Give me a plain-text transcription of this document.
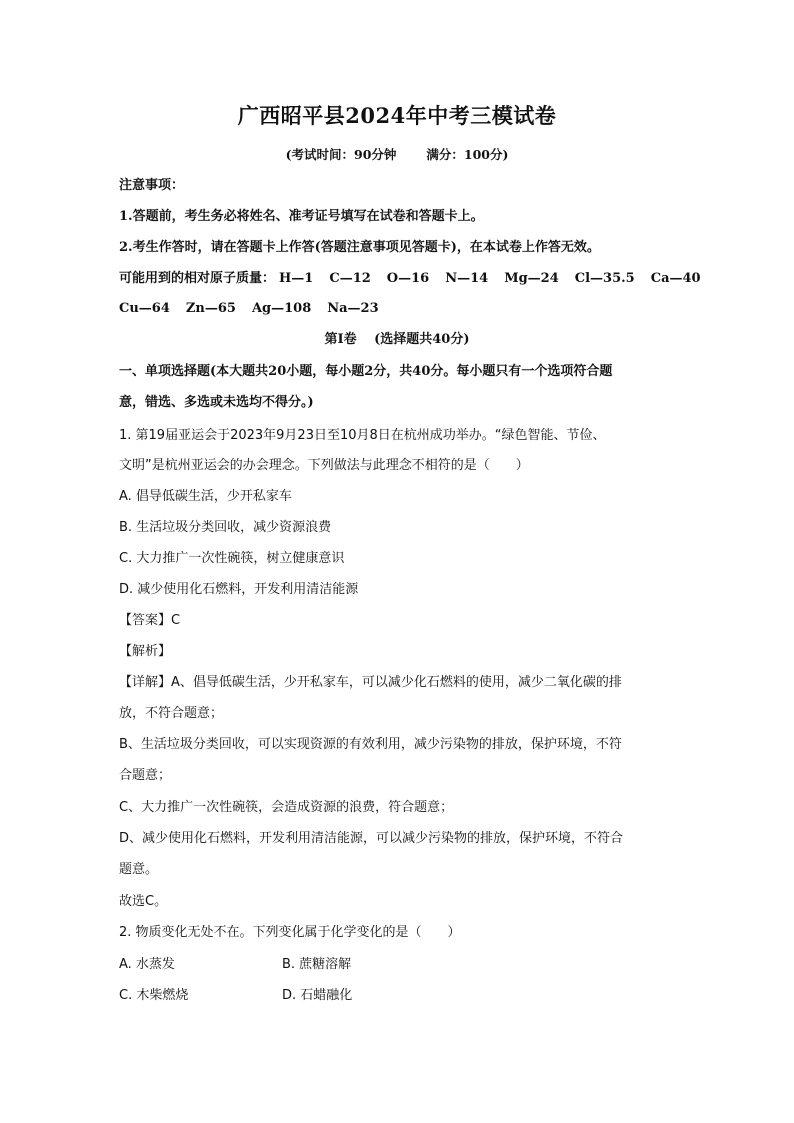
广西昭平县2024年中考三模试卷
(考试时间：90分钟 满分：100分)
注意事项：
1.答题前，考生务必将姓名、准考证号填写在试卷和答题卡上。
2.考生作答时，请在答题卡上作答(答题注意事项见答题卡)，在本试卷上作答无效。
可能用到的相对原子质量： H—1 C—12 O—16 N—14 Mg—24 Cl—35.5 Ca—40
Cu—64 Zn—65 Ag—108 Na—23
第Ⅰ卷　 (选择题共40分)
一、单项选择题(本大题共20小题，每小题2分，共40分。每小题只有一个选项符合题
意，错选、多选或未选均不得分。)
1. 第19届亚运会于2023年9月23日至10月8日在杭州成功举办。“绿色智能、节俭、
文明”是杭州亚运会的办会理念。下列做法与此理念不相符的是（　　）
A. 倡导低碳生活，少开私家车
B. 生活垃圾分类回收，减少资源浪费
C. 大力推广一次性碗筷，树立健康意识
D. 减少使用化石燃料，开发利用清洁能源
【答案】C
【解析】
【详解】A、倡导低碳生活，少开私家车，可以减少化石燃料的使用，减少二氧化碳的排
放，不符合题意；
B、生活垃圾分类回收，可以实现资源的有效利用，减少污染物的排放，保护环境，不符
合题意；
C、大力推广一次性碗筷，会造成资源的浪费，符合题意；
D、减少使用化石燃料，开发利用清洁能源，可以减少污染物的排放，保护环境，不符合
题意。
故选C。
2. 物质变化无处不在。下列变化属于化学变化的是（　　）
A. 水蒸发	B. 蔗糖溶解
C. 木柴燃烧	D. 石蜡融化
